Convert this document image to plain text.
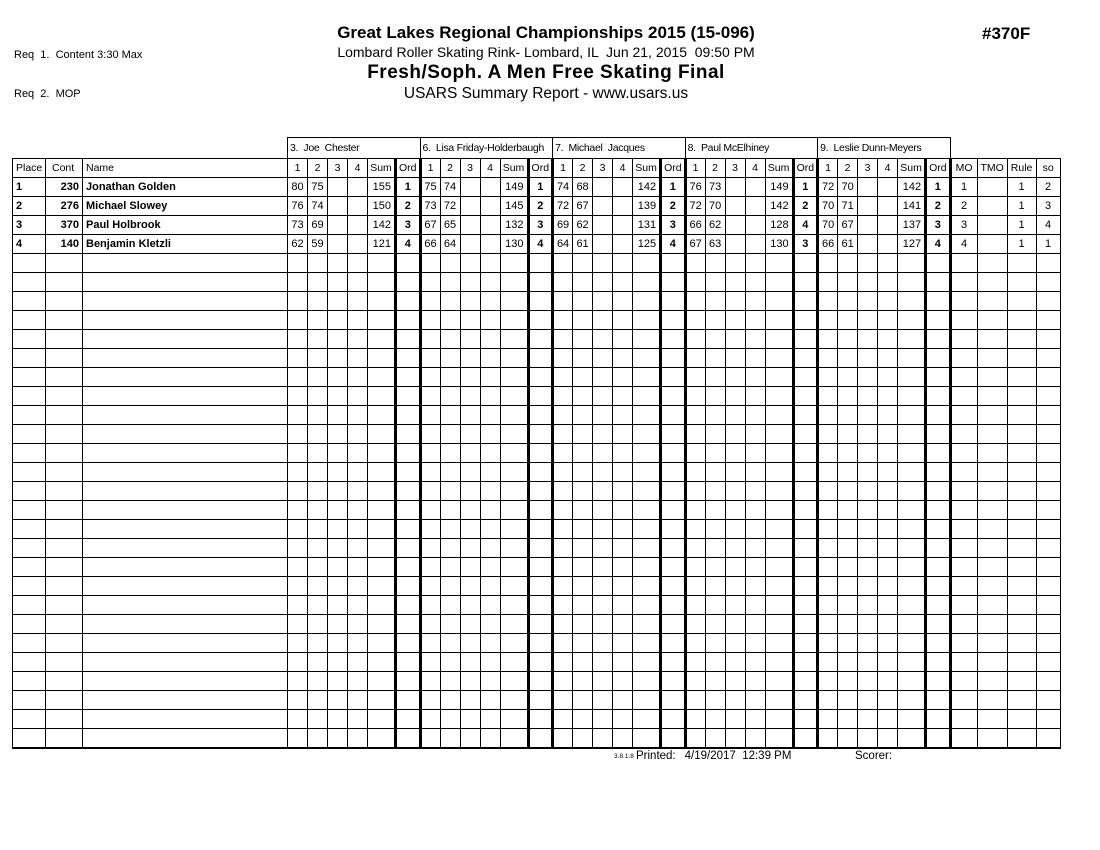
Req  1.  Content 3:30 Max

Req  2.  MOP

#370F
Great Lakes Regional Championships 2015 (15-096)
Lombard Roller Skating Rink- Lombard, IL  Jun 21, 2015  09:50 PM
Fresh/Soph. A Men Free Skating Final
USARS Summary Report - www.usars.us
			3.  Joe  Chester						6.  Lisa Friday-Holderbaugh						7.  Michael  Jacques						8.  Paul McElhiney						9.  Leslie Dunn-Meyers									
Place	Cont	Name	1	2	3	4	Sum	Ord	1	2	3	4	Sum	Ord	1	2	3	4	Sum	Ord	1	2	3	4	Sum	Ord	1	2	3	4	Sum	Ord	MO	TMO	Rule	so
1	230	Jonathan Golden	80	75			155	1	75	74			149	1	74	68			142	1	76	73			149	1	72	70			142	1	1		1	2
2	276	Michael Slowey	76	74			150	2	73	72			145	2	72	67			139	2	72	70			142	2	70	71			141	2	2		1	3
3	370	Paul Holbrook	73	69			142	3	67	65			132	3	69	62			131	3	66	62			128	4	70	67			137	3	3		1	4
4	140	Benjamin Kletzli	62	59			121	4	66	64			130	4	64	61			125	4	67	63			130	3	66	61			127	4	4		1	1

3.8.1.8 Printed: 4/19/2017  12:39 PM	Scorer:
